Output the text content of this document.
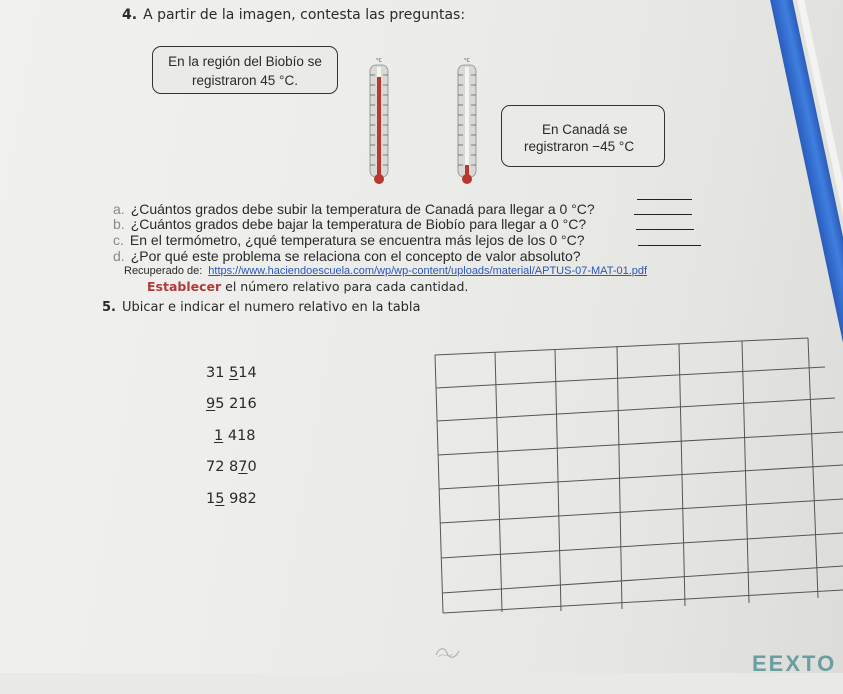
4. A partir de la imagen, contesta las preguntas:
En la región del Biobío se
registraron 45 °C.
°C	°C
En Canadá se
registraron −45 °C
a. ¿Cuántos grados debe subir la temperatura de Canadá para llegar a 0 °C?
b. ¿Cuántos grados debe bajar la temperatura de Biobío para llegar a 0 °C?
c. En el termómetro, ¿qué temperatura se encuentra más lejos de los 0 °C?
d. ¿Por qué este problema se relaciona con el concepto de valor absoluto?
Recuperado de: https://www.haciendoescuela.com/wp/wp-content/uploads/material/APTUS-07-MAT-01.pdf
Establecer el número relativo para cada cantidad.
5. Ubicar e indicar el numero relativo en la tabla
31 514
95 216
1 418
72 870
15 982
EEXTO
